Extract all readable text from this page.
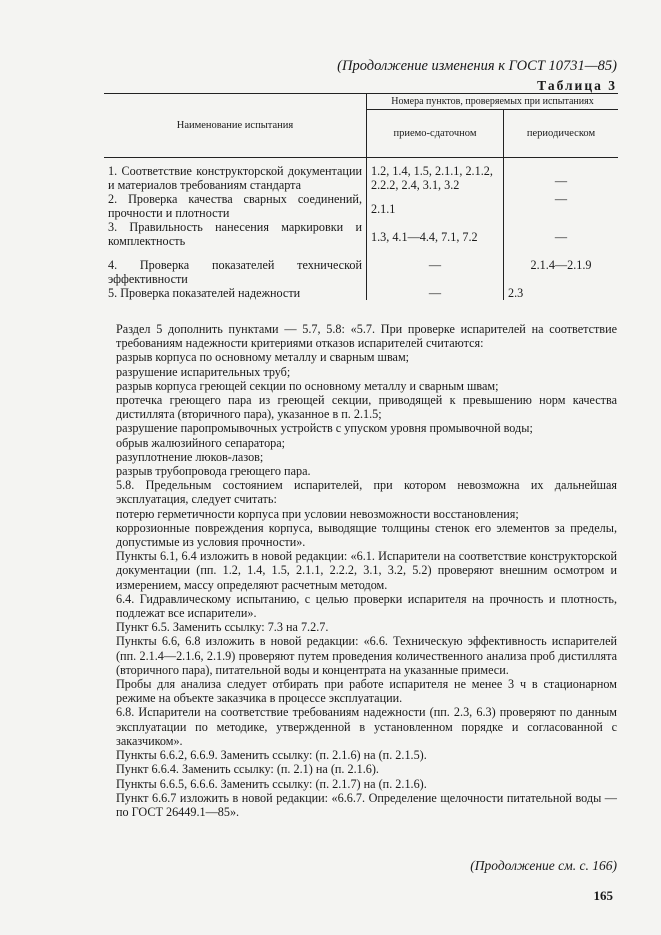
(Продолжение изменения к ГОСТ 10731—85)
Таблица 3
Наименование испытания	Номера пунктов, проверяемых при испытаниях	
	приемо-сдаточном	периодическом

1. Соответствие конструкторской документации и материалов требованиям стандарта	1.2, 1.4, 1.5, 2.1.1, 2.1.2, 2.2.2, 2.4, 3.1, 3.2	—
2. Проверка качества сварных соединений, прочности и плотности	2.1.1	—
3. Правильность нанесения маркировки и комплектность	1.3, 4.1—4.4, 7.1, 7.2	—
4. Проверка показателей технической эффективности	—	2.1.4—2.1.9
5. Проверка показателей надежности	—	2.3

Раздел 5 дополнить пунктами — 5.7, 5.8: «5.7. При проверке испарителей на соответствие требованиям надежности критериями отказов испарителей считаются:

разрыв корпуса по основному металлу и сварным швам;

разрушение испарительных труб;

разрыв корпуса греющей секции по основному металлу и сварным швам;

протечка греющего пара из греющей секции, приводящей к превышению норм качества дистиллята (вторичного пара), указанное в п. 2.1.5;

разрушение паропромывочных устройств с упуском уровня промывочной воды;

обрыв жалюзийного сепаратора;

разуплотнение люков-лазов;

разрыв трубопровода греющего пара.

5.8. Предельным состоянием испарителей, при котором невозможна их дальнейшая эксплуатация, следует считать:

потерю герметичности корпуса при условии невозможности восстановления;

коррозионные повреждения корпуса, выводящие толщины стенок его элементов за пределы, допустимые из условия прочности».

Пункты 6.1, 6.4 изложить в новой редакции: «6.1. Испарители на соответствие конструкторской документации (пп. 1.2, 1.4, 1.5, 2.1.1, 2.2.2, 3.1, 3.2, 5.2) проверяют внешним осмотром и измерением, массу определяют расчетным методом.

6.4. Гидравлическому испытанию, с целью проверки испарителя на прочность и плотность, подлежат все испарители».

Пункт 6.5. Заменить ссылку: 7.3 на 7.2.7.

Пункты 6.6, 6.8 изложить в новой редакции: «6.6. Техническую эффективность испарителей (пп. 2.1.4—2.1.6, 2.1.9) проверяют путем проведения количественного анализа проб дистиллята (вторичного пара), питательной воды и концентрата на указанные примеси.

Пробы для анализа следует отбирать при работе испарителя не менее 3 ч в стационарном режиме на объекте заказчика в процессе эксплуатации.

6.8. Испарители на соответствие требованиям надежности (пп. 2.3, 6.3) проверяют по данным эксплуатации по методике, утвержденной в установленном порядке и согласованной с заказчиком».

Пункты 6.6.2, 6.6.9. Заменить ссылку: (п. 2.1.6) на (п. 2.1.5).

Пункт 6.6.4. Заменить ссылку: (п. 2.1) на (п. 2.1.6).

Пункты 6.6.5, 6.6.6. Заменить ссылку: (п. 2.1.7) на (п. 2.1.6).

Пункт 6.6.7 изложить в новой редакции: «6.6.7. Определение щелочности питательной воды — по ГОСТ 26449.1—85».

(Продолжение см. с. 166)
165
